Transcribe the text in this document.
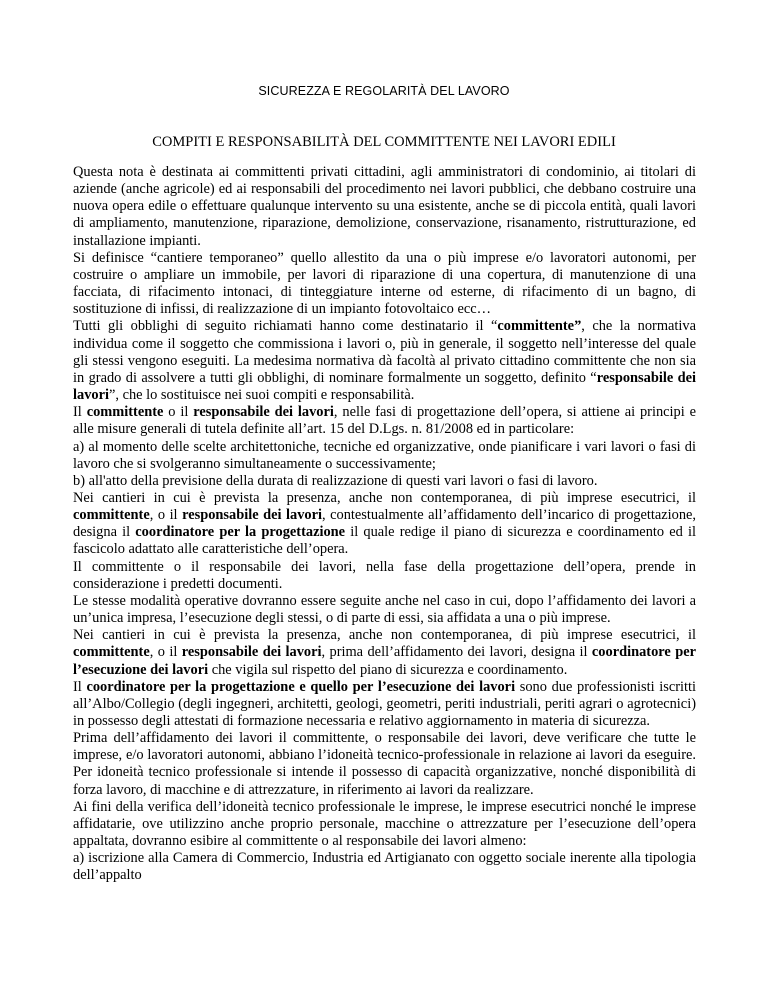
SICUREZZA E REGOLARITÀ DEL LAVORO
COMPITI E RESPONSABILITÀ DEL COMMITTENTE NEI LAVORI EDILI

Questa nota è destinata ai committenti privati cittadini, agli amministratori di condominio, ai titolari di aziende (anche agricole) ed ai responsabili del procedimento nei lavori pubblici, che debbano costruire una nuova opera edile o effettuare qualunque intervento su una esistente, anche se di piccola entità, quali lavori di ampliamento, manutenzione, riparazione, demolizione, conservazione, risanamento, ristrutturazione, ed installazione impianti.

Si definisce “cantiere temporaneo” quello allestito da una o più imprese e/o lavoratori autonomi, per costruire o ampliare un immobile, per lavori di riparazione di una copertura, di manutenzione di una facciata, di rifacimento intonaci, di tinteggiature interne od esterne, di rifacimento di un bagno, di sostituzione di infissi, di realizzazione di un impianto fotovoltaico ecc…

Tutti gli obblighi di seguito richiamati hanno come destinatario il “committente”, che la normativa individua come il soggetto che commissiona i lavori o, più in generale, il soggetto nell’interesse del quale gli stessi vengono eseguiti. La medesima normativa dà facoltà al privato cittadino committente che non sia in grado di assolvere a tutti gli obblighi, di nominare formalmente un soggetto, definito “responsabile dei lavori”, che lo sostituisce nei suoi compiti e responsabilità.

Il committente o il responsabile dei lavori, nelle fasi di progettazione dell’opera, si attiene ai principi e alle misure generali di tutela definite all’art. 15 del D.Lgs. n. 81/2008 ed in particolare:

a) al momento delle scelte architettoniche, tecniche ed organizzative, onde pianificare i vari lavori o fasi di lavoro che si svolgeranno simultaneamente o successivamente;

b) all'atto della previsione della durata di realizzazione di questi vari lavori o fasi di lavoro.

Nei cantieri in cui è prevista la presenza, anche non contemporanea, di più imprese esecutrici, il committente, o il responsabile dei lavori, contestualmente all’affidamento dell’incarico di progettazione, designa il coordinatore per la progettazione il quale redige il piano di sicurezza e coordinamento ed il fascicolo adattato alle caratteristiche dell’opera.

Il committente o il responsabile dei lavori, nella fase della progettazione dell’opera, prende in considerazione i predetti documenti.

Le stesse modalità operative dovranno essere seguite anche nel caso in cui, dopo l’affidamento dei lavori a un’unica impresa, l’esecuzione degli stessi, o di parte di essi, sia affidata a una o più imprese.

Nei cantieri in cui è prevista la presenza, anche non contemporanea, di più imprese esecutrici, il committente, o il responsabile dei lavori, prima dell’affidamento dei lavori, designa il coordinatore per l’esecuzione dei lavori che vigila sul rispetto del piano di sicurezza e coordinamento.

Il coordinatore per la progettazione e quello per l’esecuzione dei lavori sono due professionisti iscritti all’Albo/Collegio (degli ingegneri, architetti, geologi, geometri, periti industriali, periti agrari o agrotecnici) in possesso degli attestati di formazione necessaria e relativo aggiornamento in materia di sicurezza.

Prima dell’affidamento dei lavori il committente, o responsabile dei lavori, deve verificare che tutte le imprese, e/o lavoratori autonomi, abbiano l’idoneità tecnico-professionale in relazione ai lavori da eseguire. Per idoneità tecnico professionale si intende il possesso di capacità organizzative, nonché disponibilità di forza lavoro, di macchine e di attrezzature, in riferimento ai lavori da realizzare.

Ai fini della verifica dell’idoneità tecnico professionale le imprese, le imprese esecutrici nonché le imprese affidatarie, ove utilizzino anche proprio personale, macchine o attrezzature per l’esecuzione dell’opera appaltata, dovranno esibire al committente o al responsabile dei lavori almeno:

a) iscrizione alla Camera di Commercio, Industria ed Artigianato con oggetto sociale inerente alla tipologia dell’appalto
